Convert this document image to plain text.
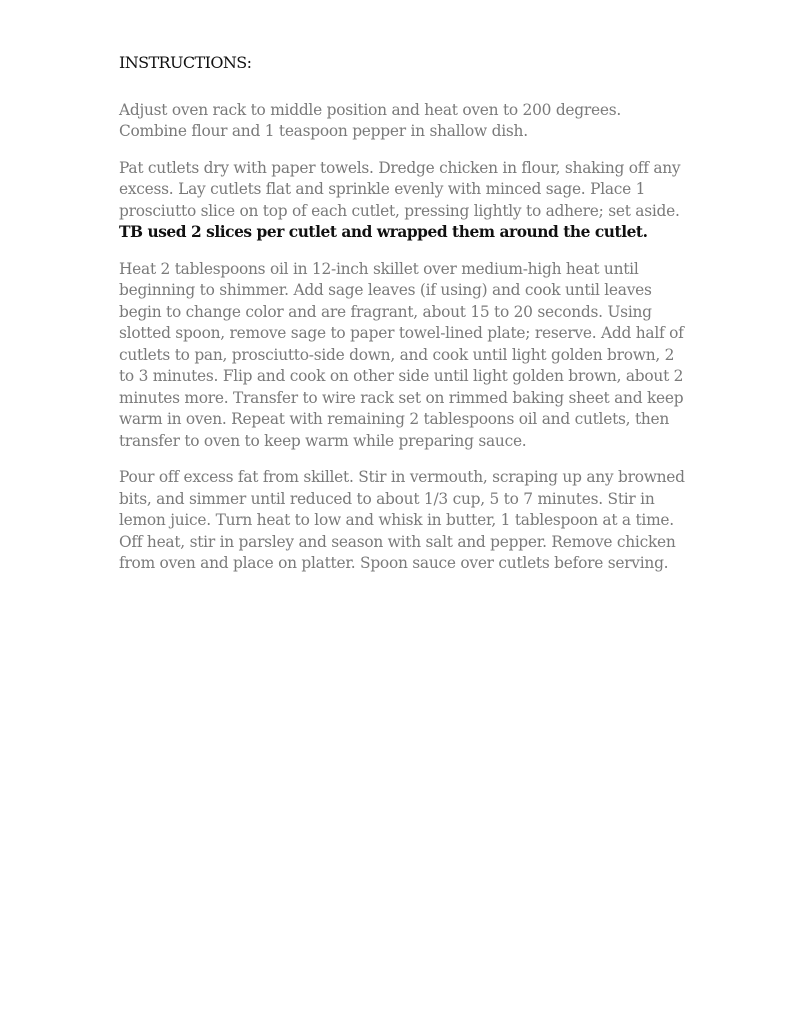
INSTRUCTIONS:
Adjust oven rack to middle position and heat oven to 200 degrees. Combine flour and 1 teaspoon pepper in shallow dish.
Pat cutlets dry with paper towels. Dredge chicken in flour, shaking off any excess. Lay cutlets flat and sprinkle evenly with minced sage. Place 1 prosciutto slice on top of each cutlet, pressing lightly to adhere; set aside.
TB used 2 slices per cutlet and wrapped them around the cutlet.
Heat 2 tablespoons oil in 12-inch skillet over medium-high heat until beginning to shimmer. Add sage leaves (if using) and cook until leaves begin to change color and are fragrant, about 15 to 20 seconds. Using slotted spoon, remove sage to paper towel-lined plate; reserve. Add half of cutlets to pan, prosciutto-side down, and cook until light golden brown, 2 to 3 minutes. Flip and cook on other side until light golden brown, about 2 minutes more. Transfer to wire rack set on rimmed baking sheet and keep warm in oven. Repeat with remaining 2 tablespoons oil and cutlets, then transfer to oven to keep warm while preparing sauce.
Pour off excess fat from skillet. Stir in vermouth, scraping up any browned bits, and simmer until reduced to about 1/3 cup, 5 to 7 minutes. Stir in lemon juice. Turn heat to low and whisk in butter, 1 tablespoon at a time. Off heat, stir in parsley and season with salt and pepper. Remove chicken from oven and place on platter. Spoon sauce over cutlets before serving.
